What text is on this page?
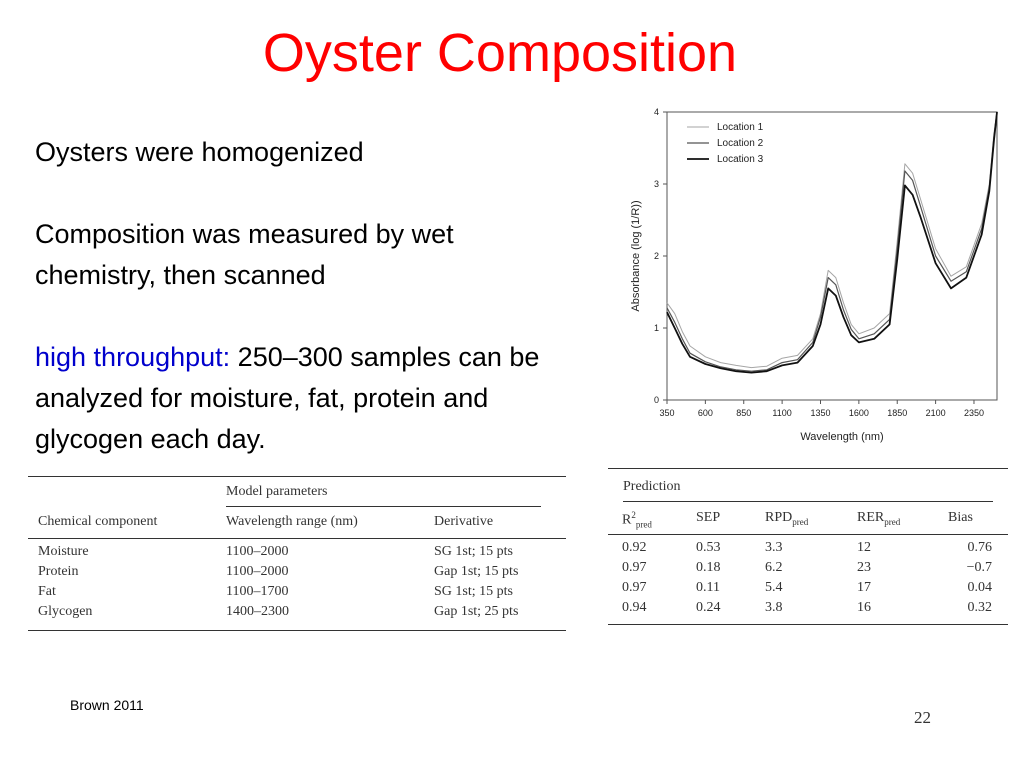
Oyster Composition

Oysters were homogenized

Composition was measured by wet chemistry, then scanned

high throughput: 250–300 samples can be analyzed for moisture, fat, protein and glycogen each day.

0
1
2
3
4
350	600	850 1100 1350 1600 1850 2100 2350
Wavelength (nm)
Absorbance (log (1/R))
Location 1
Location 2
Location 3
Model parameters
Chemical component	Wavelength range (nm)	Derivative
Moisture	1100–2000	SG 1st; 15 pts
Protein	1100–2000	Gap 1st; 15 pts
Fat	1100–1700	SG 1st; 15 pts
Glycogen	1400–2300	Gap 1st; 25 pts
Prediction
$R^2_{pred}$	SEP	$RPD_{pred}$	$RER_{pred}$	Bias
0.92	0.53	3.3	12	0.76
0.97	0.18	6.2	23	−0.7
0.97	0.11	5.4	17	0.04
0.94	0.24	3.8	16	0.32
Brown 2011
22
